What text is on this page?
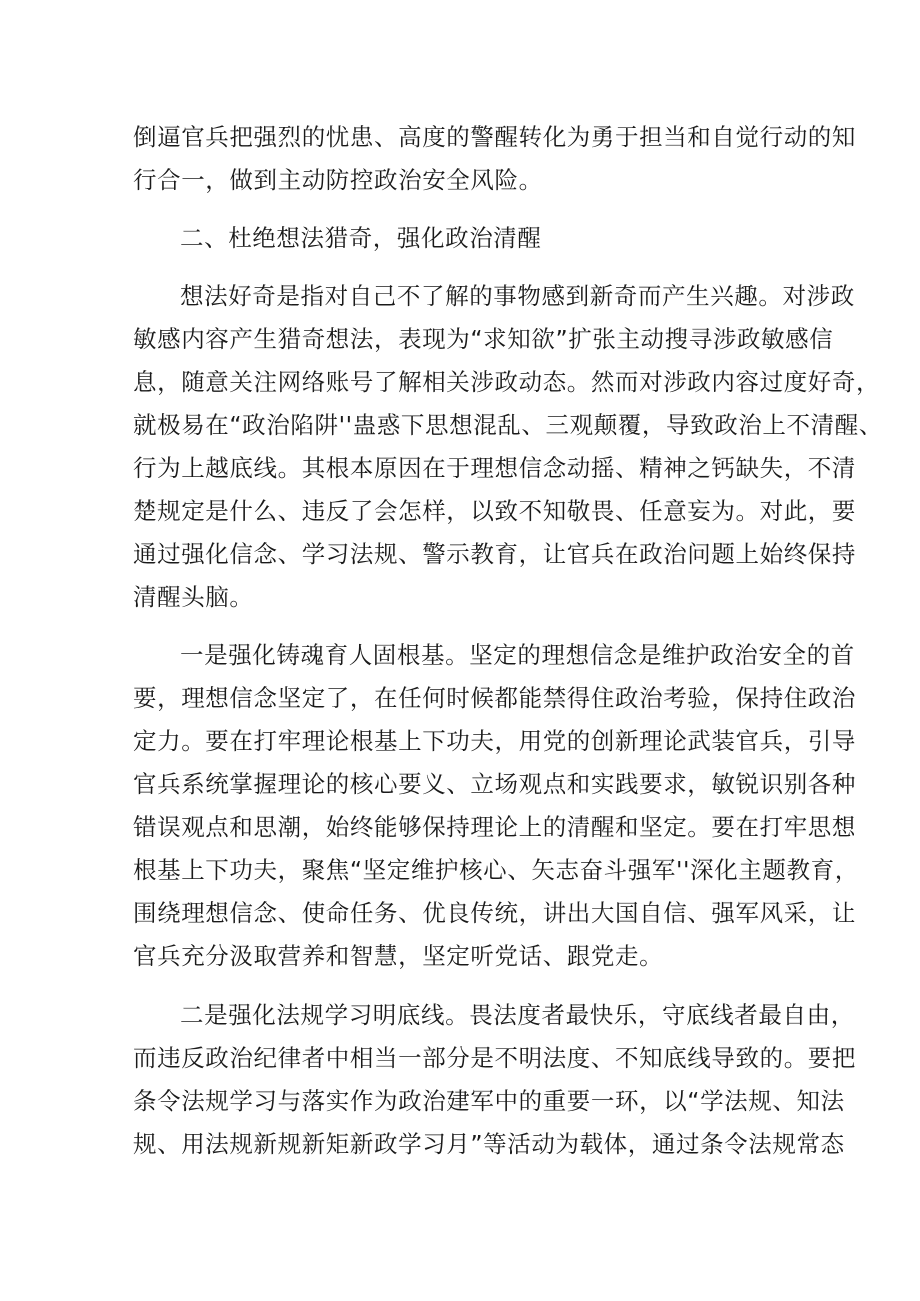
倒逼官兵把强烈的忧患、高度的警醒转化为勇于担当和自觉行动的知
行合一，做到主动防控政治安全风险。
二、杜绝想法猎奇，强化政治清醒
想法好奇是指对自己不了解的事物感到新奇而产生兴趣。对涉政
敏感内容产生猎奇想法，表现为“求知欲”扩张主动搜寻涉政敏感信
息，随意关注网络账号了解相关涉政动态。然而对涉政内容过度好奇，
就极易在“政治陷阱''蛊惑下思想混乱、三观颠覆，导致政治上不清醒、
行为上越底线。其根本原因在于理想信念动摇、精神之钙缺失，不清
楚规定是什么、违反了会怎样，以致不知敬畏、任意妄为。对此，要
通过强化信念、学习法规、警示教育，让官兵在政治问题上始终保持
清醒头脑。
一是强化铸魂育人固根基。坚定的理想信念是维护政治安全的首
要，理想信念坚定了，在任何时候都能禁得住政治考验，保持住政治
定力。要在打牢理论根基上下功夫，用党的创新理论武装官兵，引导
官兵系统掌握理论的核心要义、立场观点和实践要求，敏锐识别各种
错误观点和思潮，始终能够保持理论上的清醒和坚定。要在打牢思想
根基上下功夫，聚焦“坚定维护核心、矢志奋斗强军''深化主题教育，
围绕理想信念、使命任务、优良传统，讲出大国自信、强军风采，让
官兵充分汲取营养和智慧，坚定听党话、跟党走。
二是强化法规学习明底线。畏法度者最快乐，守底线者最自由，
而违反政治纪律者中相当一部分是不明法度、不知底线导致的。要把
条令法规学习与落实作为政治建军中的重要一环，以“学法规、知法
规、用法规新规新矩新政学习月”等活动为载体，通过条令法规常态
